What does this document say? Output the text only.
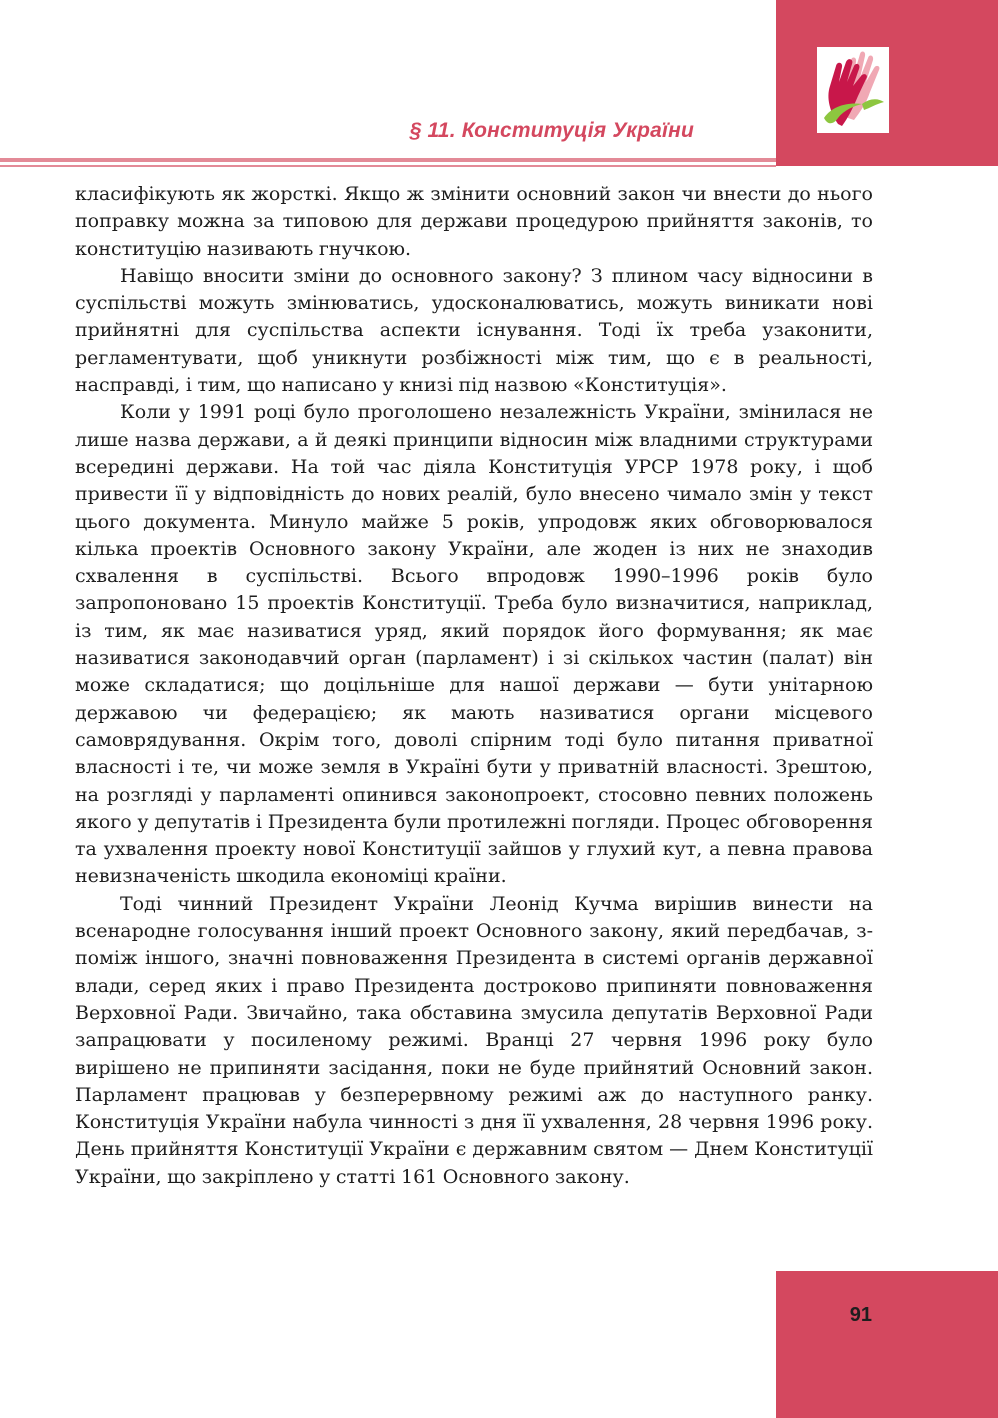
§ 11. Конституція України

класифікують як жорсткі. Якщо ж змінити основний закон чи внести до нього поправку можна за типовою для держави процедурою прийняття законів, то конституцію називають гнучкою.

Навіщо вносити зміни до основного закону? З плином часу відносини в суспільстві можуть змінюватись, удосконалюватись, можуть виникати нові прийнятні для суспільства аспекти існування. Тоді їх треба узаконити, регламентувати, щоб уникнути розбіжності між тим, що є в реальності, насправді, і тим, що написано у книзі під назвою «Конституція».

Коли у 1991 році було проголошено незалежність України, змінилася не лише назва держави, а й деякі принципи відносин між владними структурами всередині держави. На той час діяла Конституція УРСР 1978 року, і щоб привести її у відповідність до нових реалій, було внесено чимало змін у текст цього документа. Минуло майже 5 років, упродовж яких обговорювалося кілька проектів Основного закону України, але жоден із них не знаходив схвалення в суспільстві. Всього впродовж 1990–1996 років було запропоновано 15 проектів Конституції. Треба було визначитися, наприклад, із тим, як має називатися уряд, який порядок його формування; як має називатися законодавчий орган (парламент) і зі скількох частин (палат) він може складатися; що доцільніше для нашої держави — бути унітарною державою чи федерацією; як мають називатися органи місцевого самоврядування. Окрім того, доволі спірним тоді було питання приватної власності і те, чи може земля в Україні бути у приватній власності. Зрештою, на розгляді у парламенті опинився законопроект, стосовно певних положень якого у депутатів і Президента були протилежні погляди. Процес обговорення та ухвалення проекту нової Конституції зайшов у глухий кут, а певна правова невизначеність шкодила економіці країни.

Тоді чинний Президент України Леонід Кучма вирішив винести на всенародне голосування інший проект Основного закону, який передбачав, з-поміж іншого, значні повноваження Президента в системі органів державної влади, серед яких і право Президента достроково припиняти повноваження Верховної Ради. Звичайно, така обставина змусила депутатів Верховної Ради запрацювати у посиленому режимі. Вранці 27 червня 1996 року було вирішено не припиняти засідання, поки не буде прийнятий Основний закон. Парламент працював у безперервному режимі аж до наступного ранку. Конституція України набула чинності з дня її ухвалення, 28 червня 1996 року. День прийняття Конституції України є державним святом — Днем Конституції України, що закріплено у статті 161 Основного закону.

91
